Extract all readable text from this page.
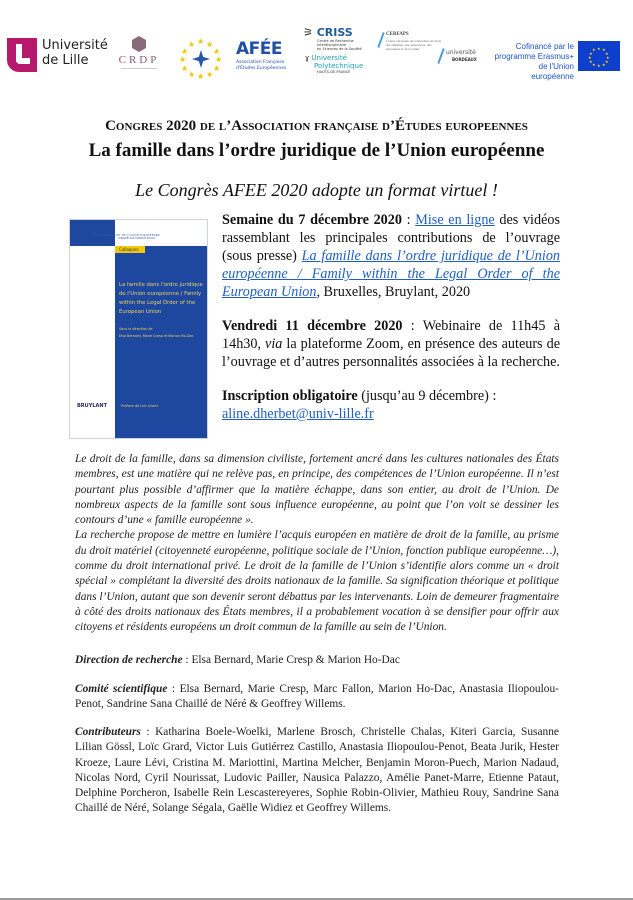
Université
de Lille	CRDP
★ ★
★
★
★
★
★
★
★
★
★
★ AFÉE
Association Française
d'Études Européennes
⚞ CRISS
Centre de Recherche
Interdisciplinaire
en Sciences de la Société
ɣ Université
Polytechnique
HAUTS-DE-FRANCE
CERFAPS
Centre européen de recherches en droit des familles, des assurances, des personnes et de la santé	université
BORDEAUX
Cofinancé par le
programme Erasmus+
de l'Union européenne
★ ★
★
★
★
★
★
★
★
★
★
★
Congres 2020 de l’Association française d’Études europeennes
La famille dans l’ordre juridique de l’Union européenne
Le Congrès AFEE 2020 adopte un format virtuel !
COLLECTION DROIT DE L'UNION EUROPÉENNE
DIRIGÉE PAR FABRICE PICOD
Colloques
La famille dans l'ordre juridique de l'Union européenne / Family within the Legal Order of the European Union
Sous la direction de
Elsa Bernard, Marie Cresp et Marion Ho-Dac
Préface de Loïc Grard
BRUYLANT

Semaine du 7 décembre 2020 : Mise en ligne des vidéos rassemblant les principales contributions de l’ouvrage (sous presse) La famille dans l’ordre juridique de l’Union européenne / Family within the Legal Order of the European Union, Bruxelles, Bruylant, 2020

Vendredi 11 décembre 2020 : Webinaire de 11h45 à 14h30, via la plateforme Zoom, en présence des auteurs de l’ouvrage et d’autres personnalités associées à la recherche.

Inscription obligatoire (jusqu’au 9 décembre) :
aline.dherbet@univ-lille.fr

Le droit de la famille, dans sa dimension civiliste, fortement ancré dans les cultures nationales des États membres, est une matière qui ne relève pas, en principe, des compétences de l’Union européenne. Il n’est pourtant plus possible d’affirmer que la matière échappe, dans son entier, au droit de l’Union. De nombreux aspects de la famille sont sous influence européenne, au point que l’on voit se dessiner les contours d’une « famille européenne ».
La recherche propose de mettre en lumière l’acquis européen en matière de droit de la famille, au prisme du droit matériel (citoyenneté européenne, politique sociale de l’Union, fonction publique européenne…), comme du droit international privé. Le droit de la famille de l’Union s’identifie alors comme un « droit spécial » complétant la diversité des droits nationaux de la famille. Sa signification théorique et politique dans l’Union, autant que son devenir seront débattus par les intervenants. Loin de demeurer fragmentaire à côté des droits nationaux des États membres, il a probablement vocation à se densifier pour offrir aux citoyens et résidents européens un droit commun de la famille au sein de l’Union.
Direction de recherche : Elsa Bernard, Marie Cresp & Marion Ho-Dac
Comité scientifique : Elsa Bernard, Marie Cresp, Marc Fallon, Marion Ho-Dac, Anastasia Iliopoulou-Penot, Sandrine Sana Chaillé de Néré & Geoffrey Willems.
Contributeurs : Katharina Boele-Woelki, Marlene Brosch, Christelle Chalas, Kiteri Garcia, Susanne Lilian Gössl, Loïc Grard, Victor Luis Gutiérrez Castillo, Anastasia Iliopoulou-Penot, Beata Jurik, Hester Kroeze, Laure Lévi, Cristina M. Mariottini, Martina Melcher, Benjamin Moron-Puech, Marion Nadaud, Nicolas Nord, Cyril Nourissat, Ludovic Pailler, Nausica Palazzo, Amélie Panet-Marre, Etienne Pataut, Delphine Porcheron, Isabelle Rein Lescastereyeres, Sophie Robin-Olivier, Mathieu Rouy, Sandrine Sana Chaillé de Néré, Solange Ségala, Gaëlle Widiez et Geoffrey Willems.
